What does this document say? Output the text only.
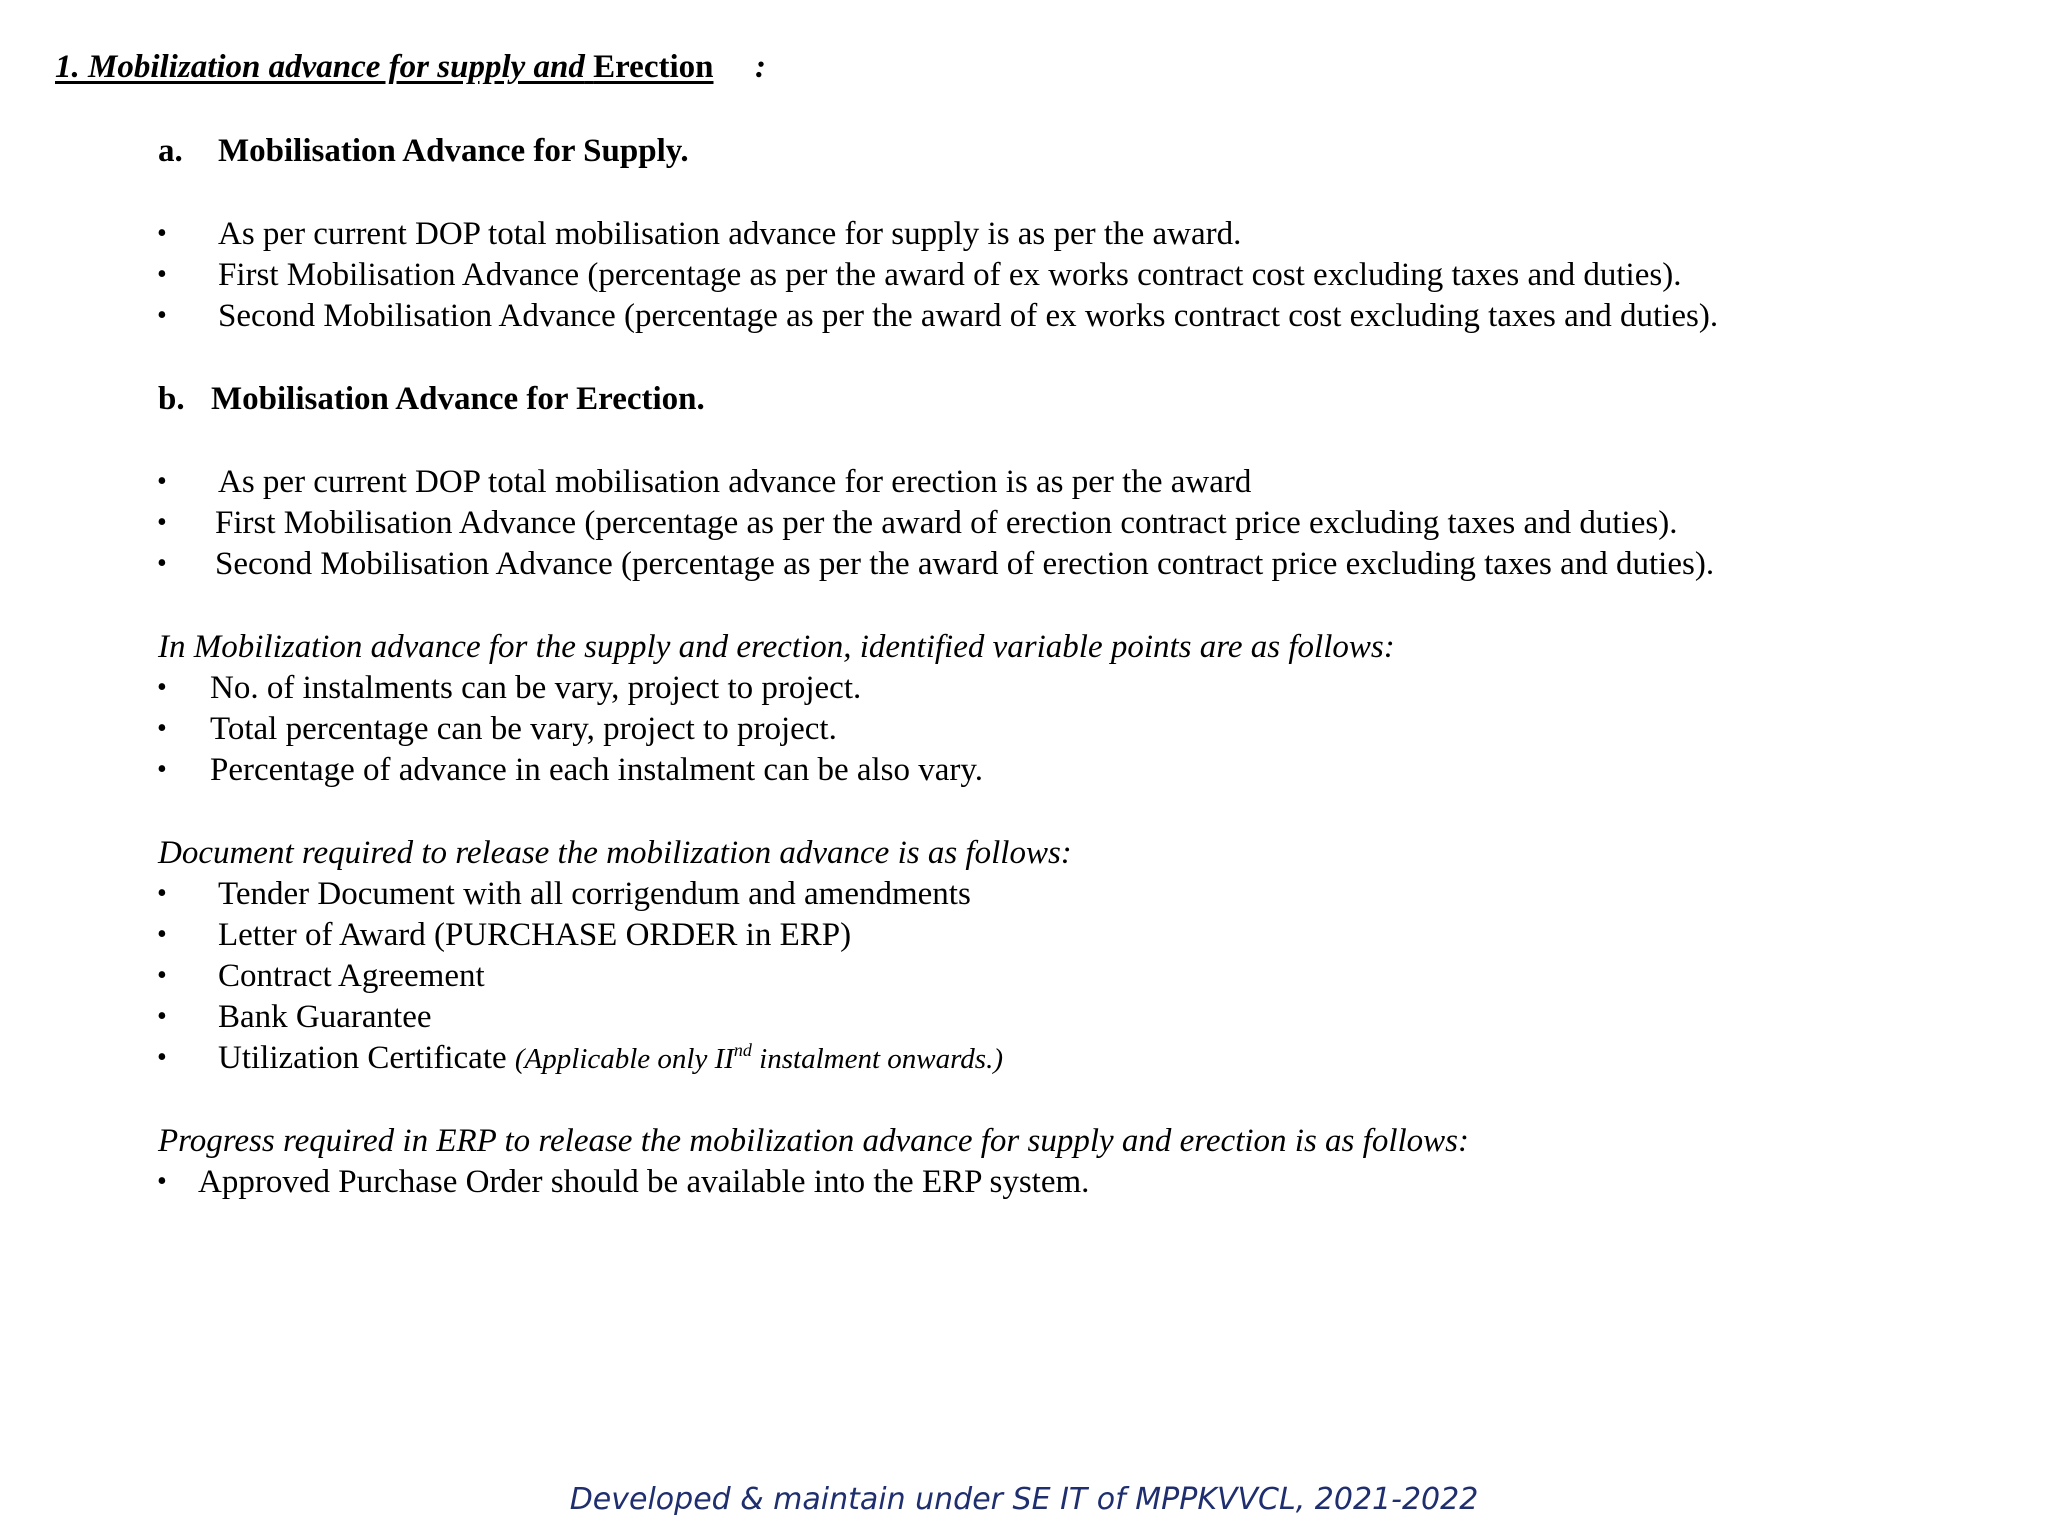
1. Mobilization advance for supply and Erection :
a. Mobilisation Advance for Supply.
• As per current DOP total mobilisation advance for supply is as per the award.
• First Mobilisation Advance (percentage as per the award of ex works contract cost excluding taxes and duties).
• Second Mobilisation Advance (percentage as per the award of ex works contract cost excluding taxes and duties).
b. Mobilisation Advance for Erection.
• As per current DOP total mobilisation advance for erection is as per the award
• First Mobilisation Advance (percentage as per the award of erection contract price excluding taxes and duties).
• Second Mobilisation Advance (percentage as per the award of erection contract price excluding taxes and duties).
In Mobilization advance for the supply and erection, identified variable points are as follows:
• No. of instalments can be vary, project to project.
• Total percentage can be vary, project to project.
• Percentage of advance in each instalment can be also vary.
Document required to release the mobilization advance is as follows:
• Tender Document with all corrigendum and amendments
• Letter of Award (PURCHASE ORDER in ERP)
• Contract Agreement
• Bank Guarantee
• Utilization Certificate (Applicable only IInd instalment onwards.)
Progress required in ERP to release the mobilization advance for supply and erection is as follows:
• Approved Purchase Order should be available into the ERP system.
Developed & maintain under SE IT of MPPKVVCL, 2021-2022
